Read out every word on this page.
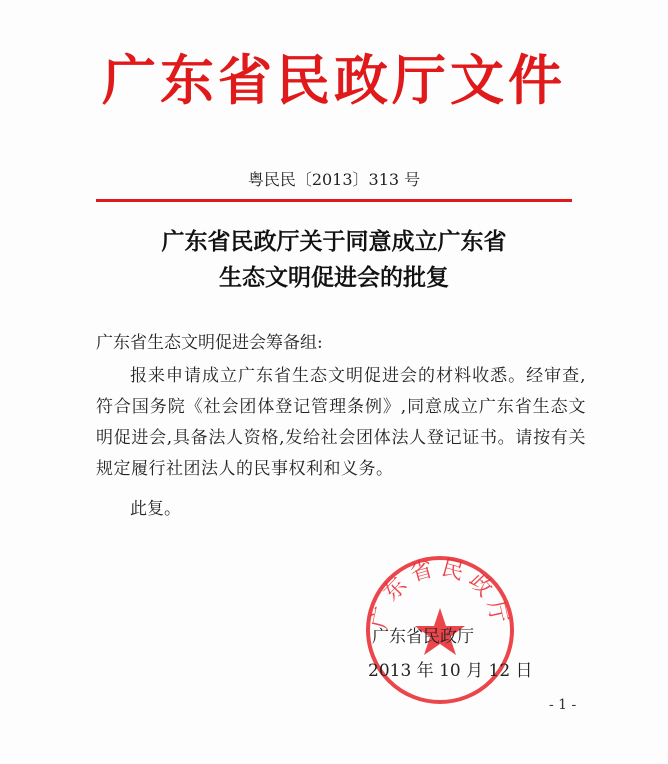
广东省民政厅文件
粤民民〔2013〕313 号
广东省民政厅关于同意成立广东省
生态文明促进会的批复
广东省生态文明促进会筹备组:
报来申请成立广东省生态文明促进会的材料收悉。经审查,符合国务院《社会团体登记管理条例》,同意成立广东省生态文明促进会,具备法人资格,发给社会团体法人登记证书。请按有关规定履行社团法人的民事权利和义务。
此复。
广东省民政厅
广东省民政厅
2013 年 10 月 12 日
- 1 -
